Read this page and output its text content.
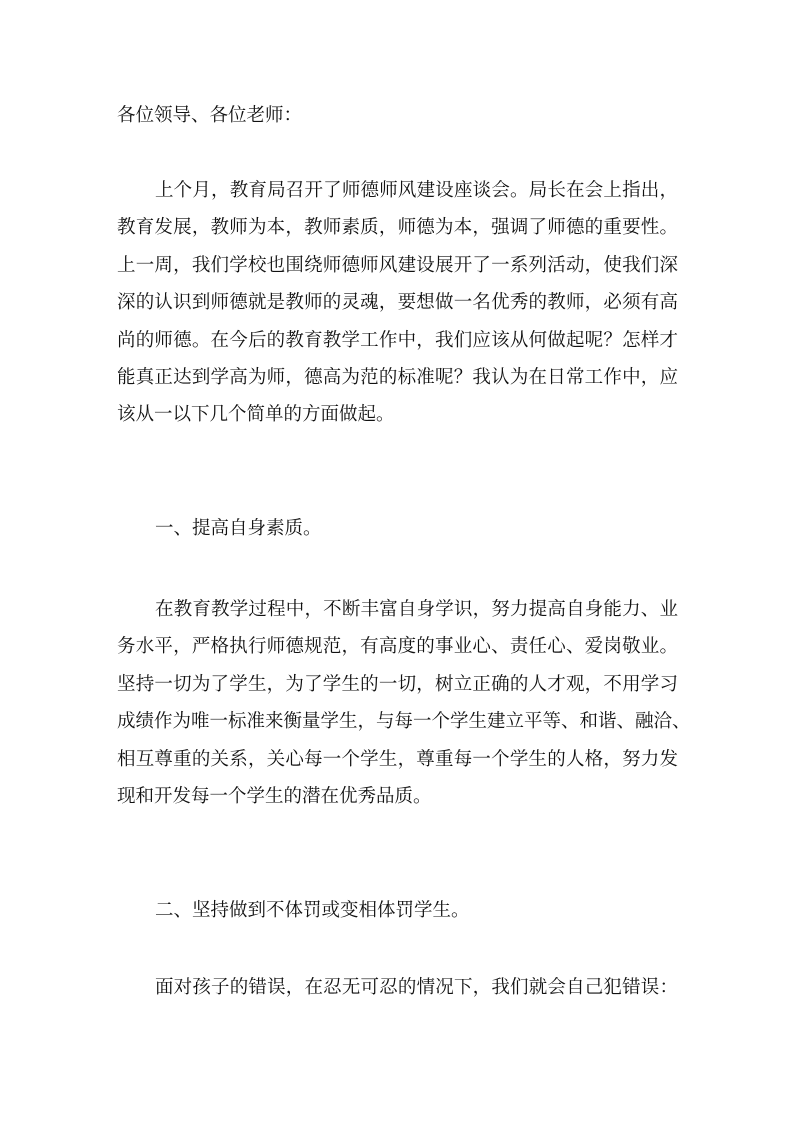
各位领导、各位老师：
上个月，教育局召开了师德师风建设座谈会。局长在会上指出，
教育发展，教师为本，教师素质，师德为本，强调了师德的重要性。
上一周，我们学校也围绕师德师风建设展开了一系列活动，使我们深
深的认识到师德就是教师的灵魂，要想做一名优秀的教师，必须有高
尚的师德。在今后的教育教学工作中，我们应该从何做起呢？怎样才
能真正达到学高为师，德高为范的标准呢？我认为在日常工作中，应
该从一以下几个简单的方面做起。
一、提高自身素质。
在教育教学过程中，不断丰富自身学识，努力提高自身能力、业
务水平，严格执行师德规范，有高度的事业心、责任心、爱岗敬业。
坚持一切为了学生，为了学生的一切，树立正确的人才观，不用学习
成绩作为唯一标准来衡量学生，与每一个学生建立平等、和谐、融洽、
相互尊重的关系，关心每一个学生，尊重每一个学生的人格，努力发
现和开发每一个学生的潜在优秀品质。
二、坚持做到不体罚或变相体罚学生。
面对孩子的错误，在忍无可忍的情况下，我们就会自己犯错误：
